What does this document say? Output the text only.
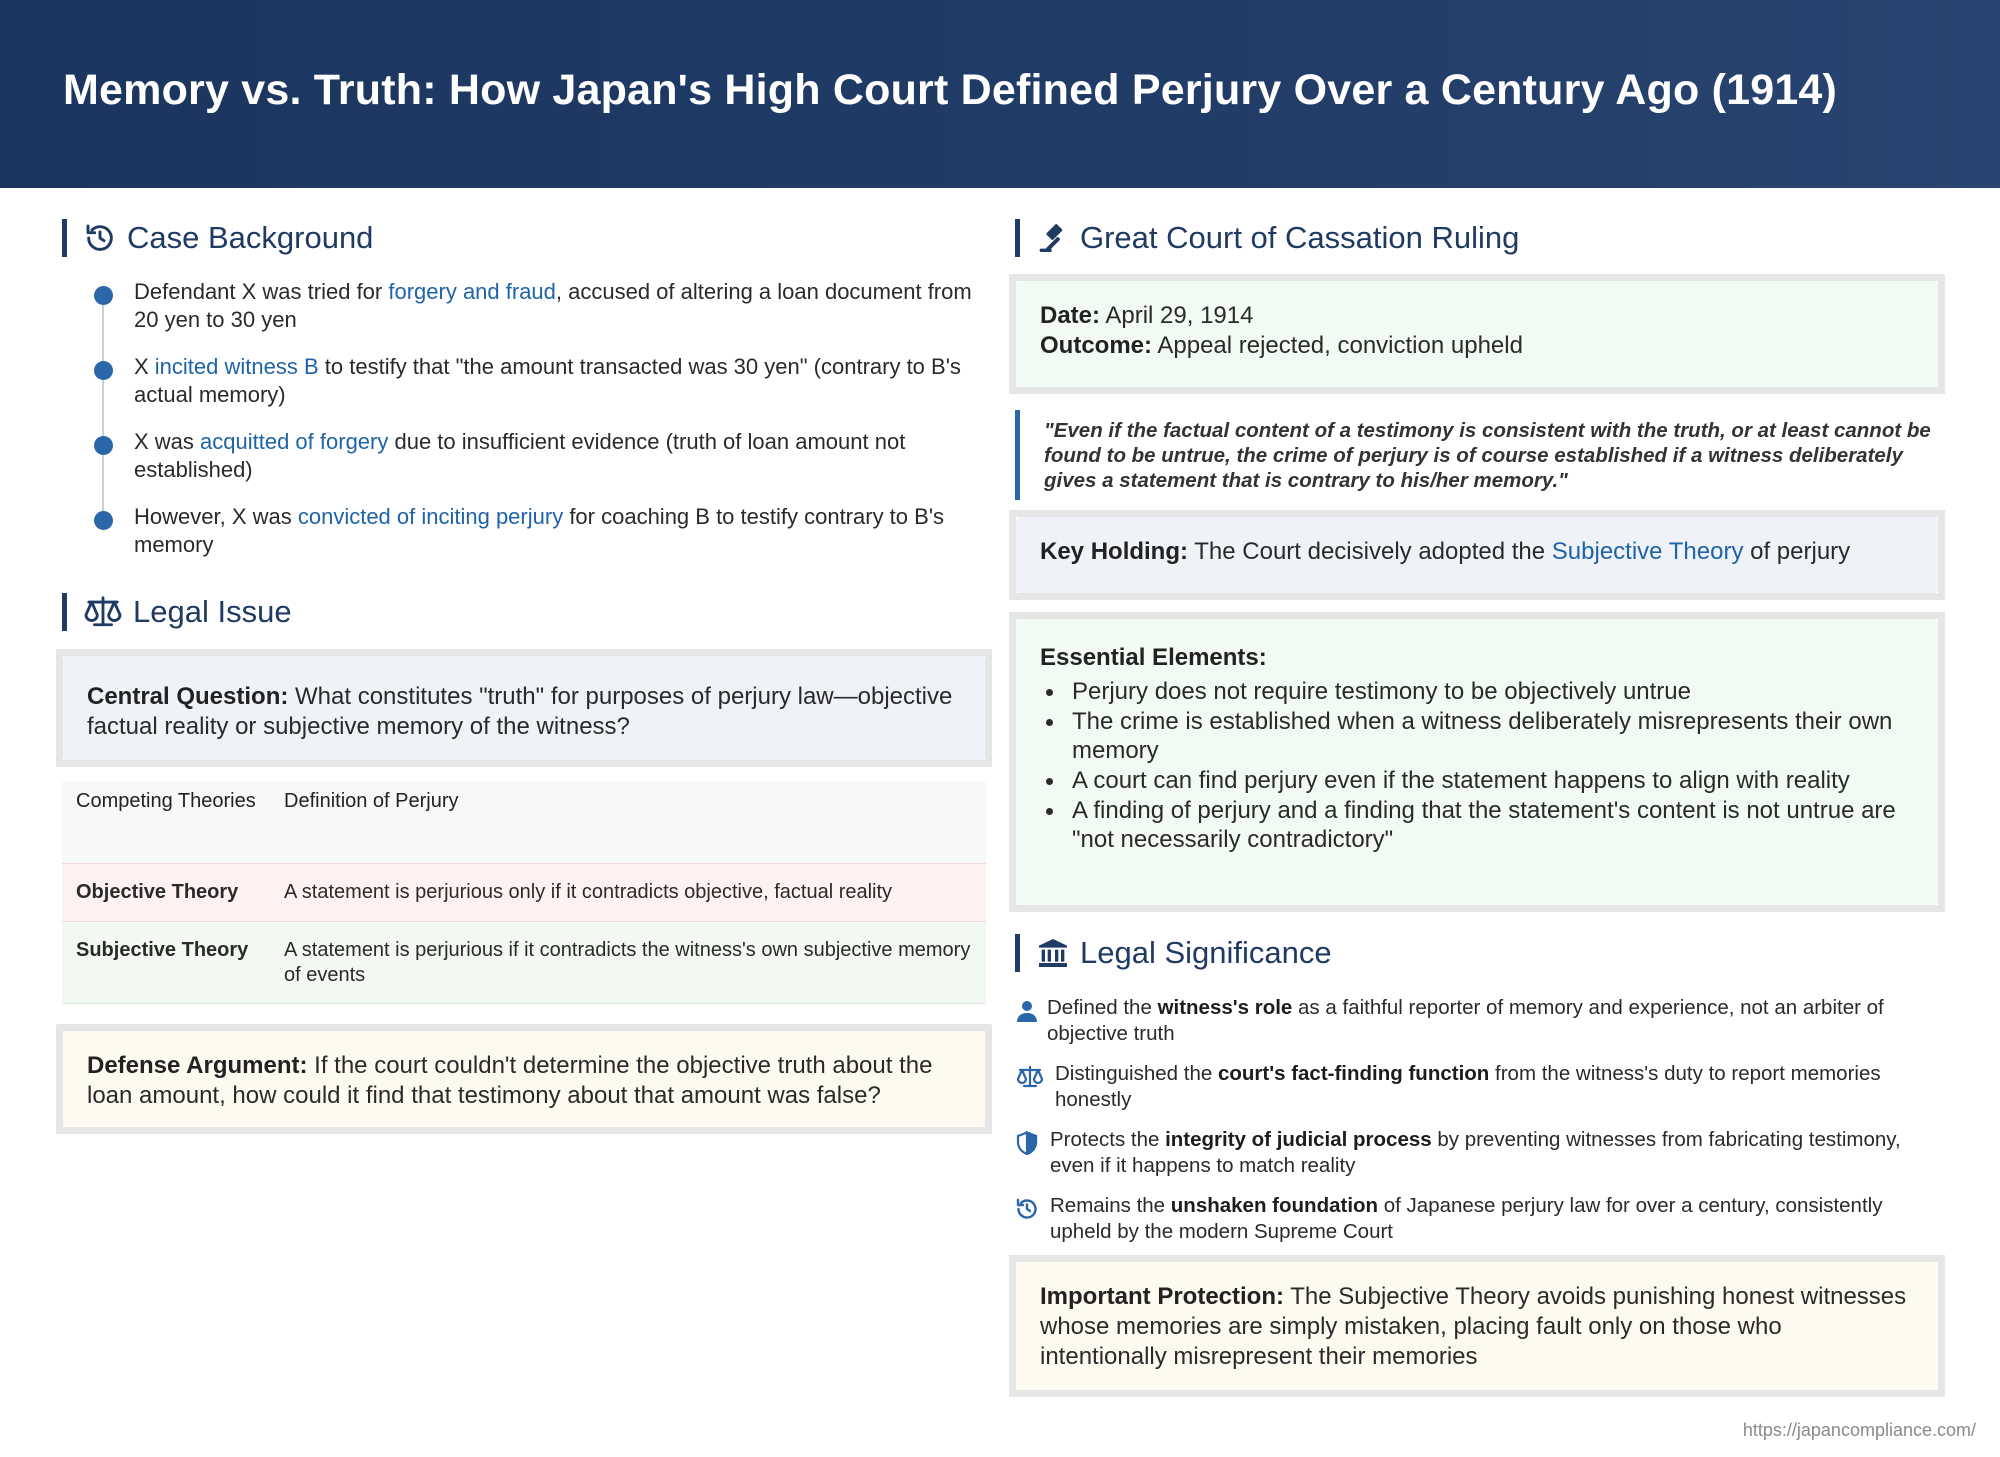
Memory vs. Truth: How Japan's High Court Defined Perjury Over a Century Ago (1914)
Case Background
Defendant X was tried for forgery and fraud, accused of altering a loan document from 20 yen to 30 yen
X incited witness B to testify that "the amount transacted was 30 yen" (contrary to B's actual memory)
X was acquitted of forgery due to insufficient evidence (truth of loan amount not established)
However, X was convicted of inciting perjury for coaching B to testify contrary to B's memory
Legal Issue

Central Question: What constitutes "truth" for purposes of perjury law—objective factual reality or subjective memory of the witness?

Competing Theories	Definition of Perjury
Objective Theory	A statement is perjurious only if it contradicts objective, factual reality
Subjective Theory	A statement is perjurious if it contradicts the witness's own subjective memory of events

Defense Argument: If the court couldn't determine the objective truth about the loan amount, how could it find that testimony about that amount was false?

Great Court of Cassation Ruling

Date: April 29, 1914

Outcome: Appeal rejected, conviction upheld

"Even if the factual content of a testimony is consistent with the truth, or at least cannot be found to be untrue, the crime of perjury is of course established if a witness deliberately gives a statement that is contrary to his/her memory."

Key Holding: The Court decisively adopted the Subjective Theory of perjury

Essential Elements:

Perjury does not require testimony to be objectively untrue
The crime is established when a witness deliberately misrepresents their own memory
A court can find perjury even if the statement happens to align with reality
A finding of perjury and a finding that the statement's content is not untrue are "not necessarily contradictory"
Legal Significance
Defined the witness's role as a faithful reporter of memory and experience, not an arbiter of objective truth
Distinguished the court's fact-finding function from the witness's duty to report memories honestly
Protects the integrity of judicial process by preventing witnesses from fabricating testimony, even if it happens to match reality
Remains the unshaken foundation of Japanese perjury law for over a century, consistently upheld by the modern Supreme Court

Important Protection: The Subjective Theory avoids punishing honest witnesses whose memories are simply mistaken, placing fault only on those who intentionally misrepresent their memories

https://japancompliance.com/
